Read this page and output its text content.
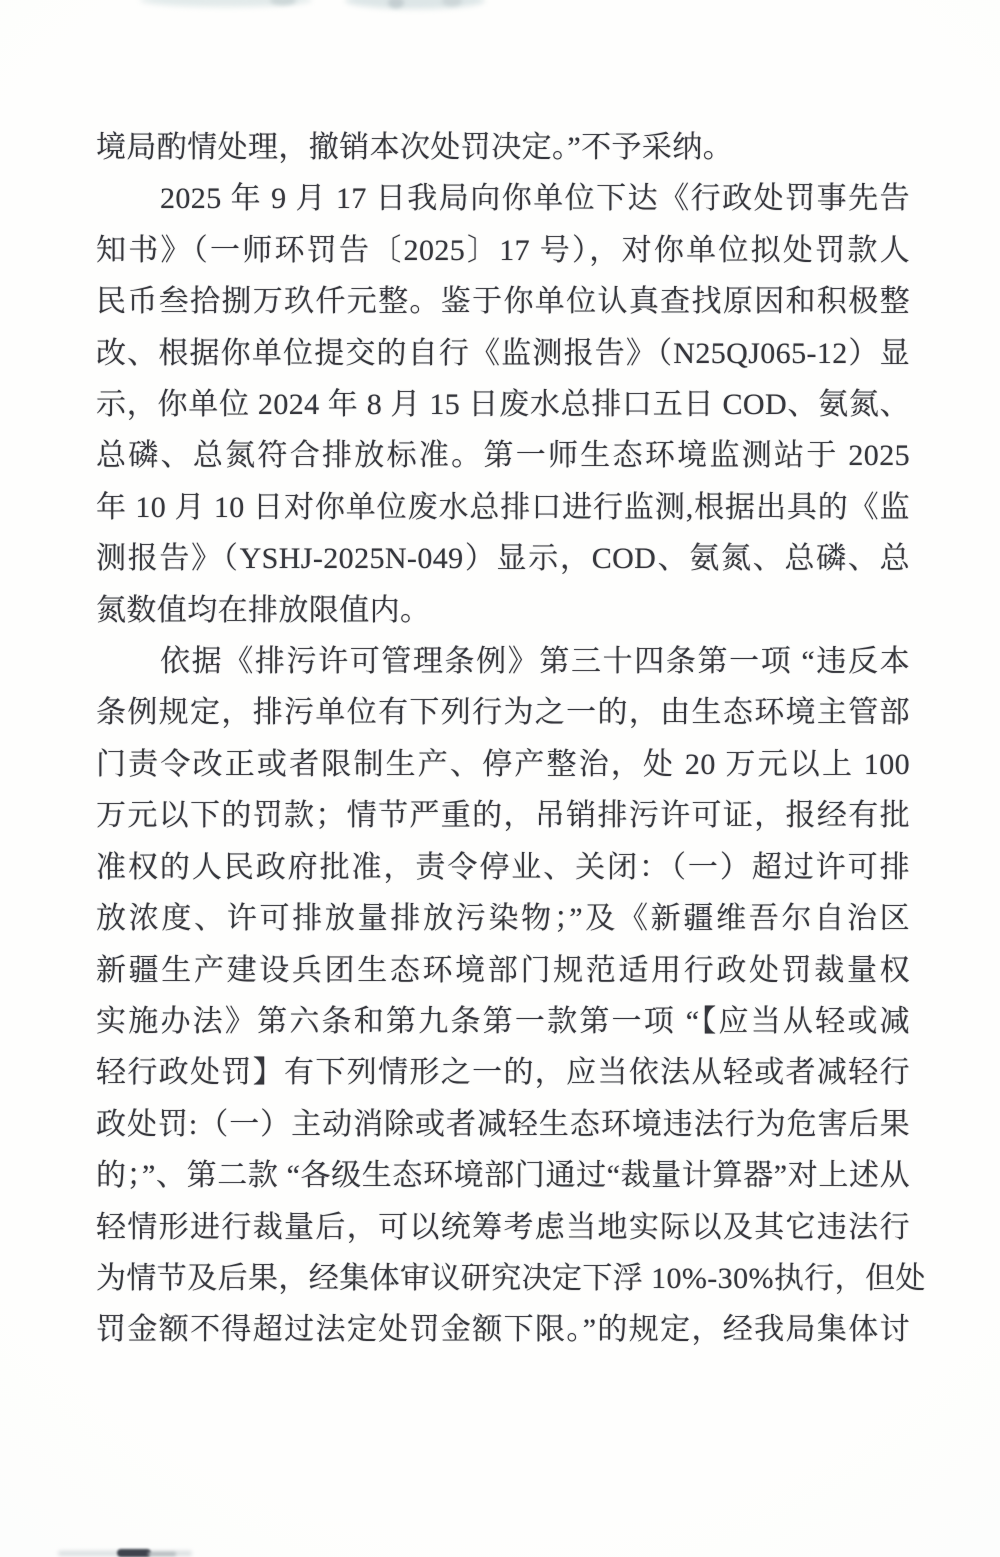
境局酌情处理，撤销本次处罚决定。”不予采纳。
2025 年 9 月 17 日我局向你单位下达《行政处罚事先告
知书》（一师环罚告〔2025〕17 号），对你单位拟处罚款人
民币叁拾捌万玖仟元整。鉴于你单位认真查找原因和积极整
改、根据你单位提交的自行《监测报告》（N25QJ065-12）显
示，你单位 2024 年 8 月 15 日废水总排口五日 COD、氨氮、
总磷、总氮符合排放标准。第一师生态环境监测站于 2025
年 10 月 10 日对你单位废水总排口进行监测,根据出具的《监
测报告》（YSHJ-2025N-049）显示，COD、氨氮、总磷、总
氮数值均在排放限值内。
依据《排污许可管理条例》第三十四条第一项 “违反本
条例规定，排污单位有下列行为之一的，由生态环境主管部
门责令改正或者限制生产、停产整治，处 20 万元以上 100
万元以下的罚款；情节严重的，吊销排污许可证，报经有批
准权的人民政府批准，责令停业、关闭：（一）超过许可排
放浓度、许可排放量排放污染物；”及《新疆维吾尔自治区
新疆生产建设兵团生态环境部门规范适用行政处罚裁量权
实施办法》第六条和第九条第一款第一项 “【应当从轻或减
轻行政处罚】有下列情形之一的，应当依法从轻或者减轻行
政处罚:（一）主动消除或者减轻生态环境违法行为危害后果
的；”、第二款 “各级生态环境部门通过“裁量计算器”对上述从
轻情形进行裁量后，可以统筹考虑当地实际以及其它违法行
为情节及后果，经集体审议研究决定下浮 10%-30%执行，但处
罚金额不得超过法定处罚金额下限。”的规定，经我局集体讨
